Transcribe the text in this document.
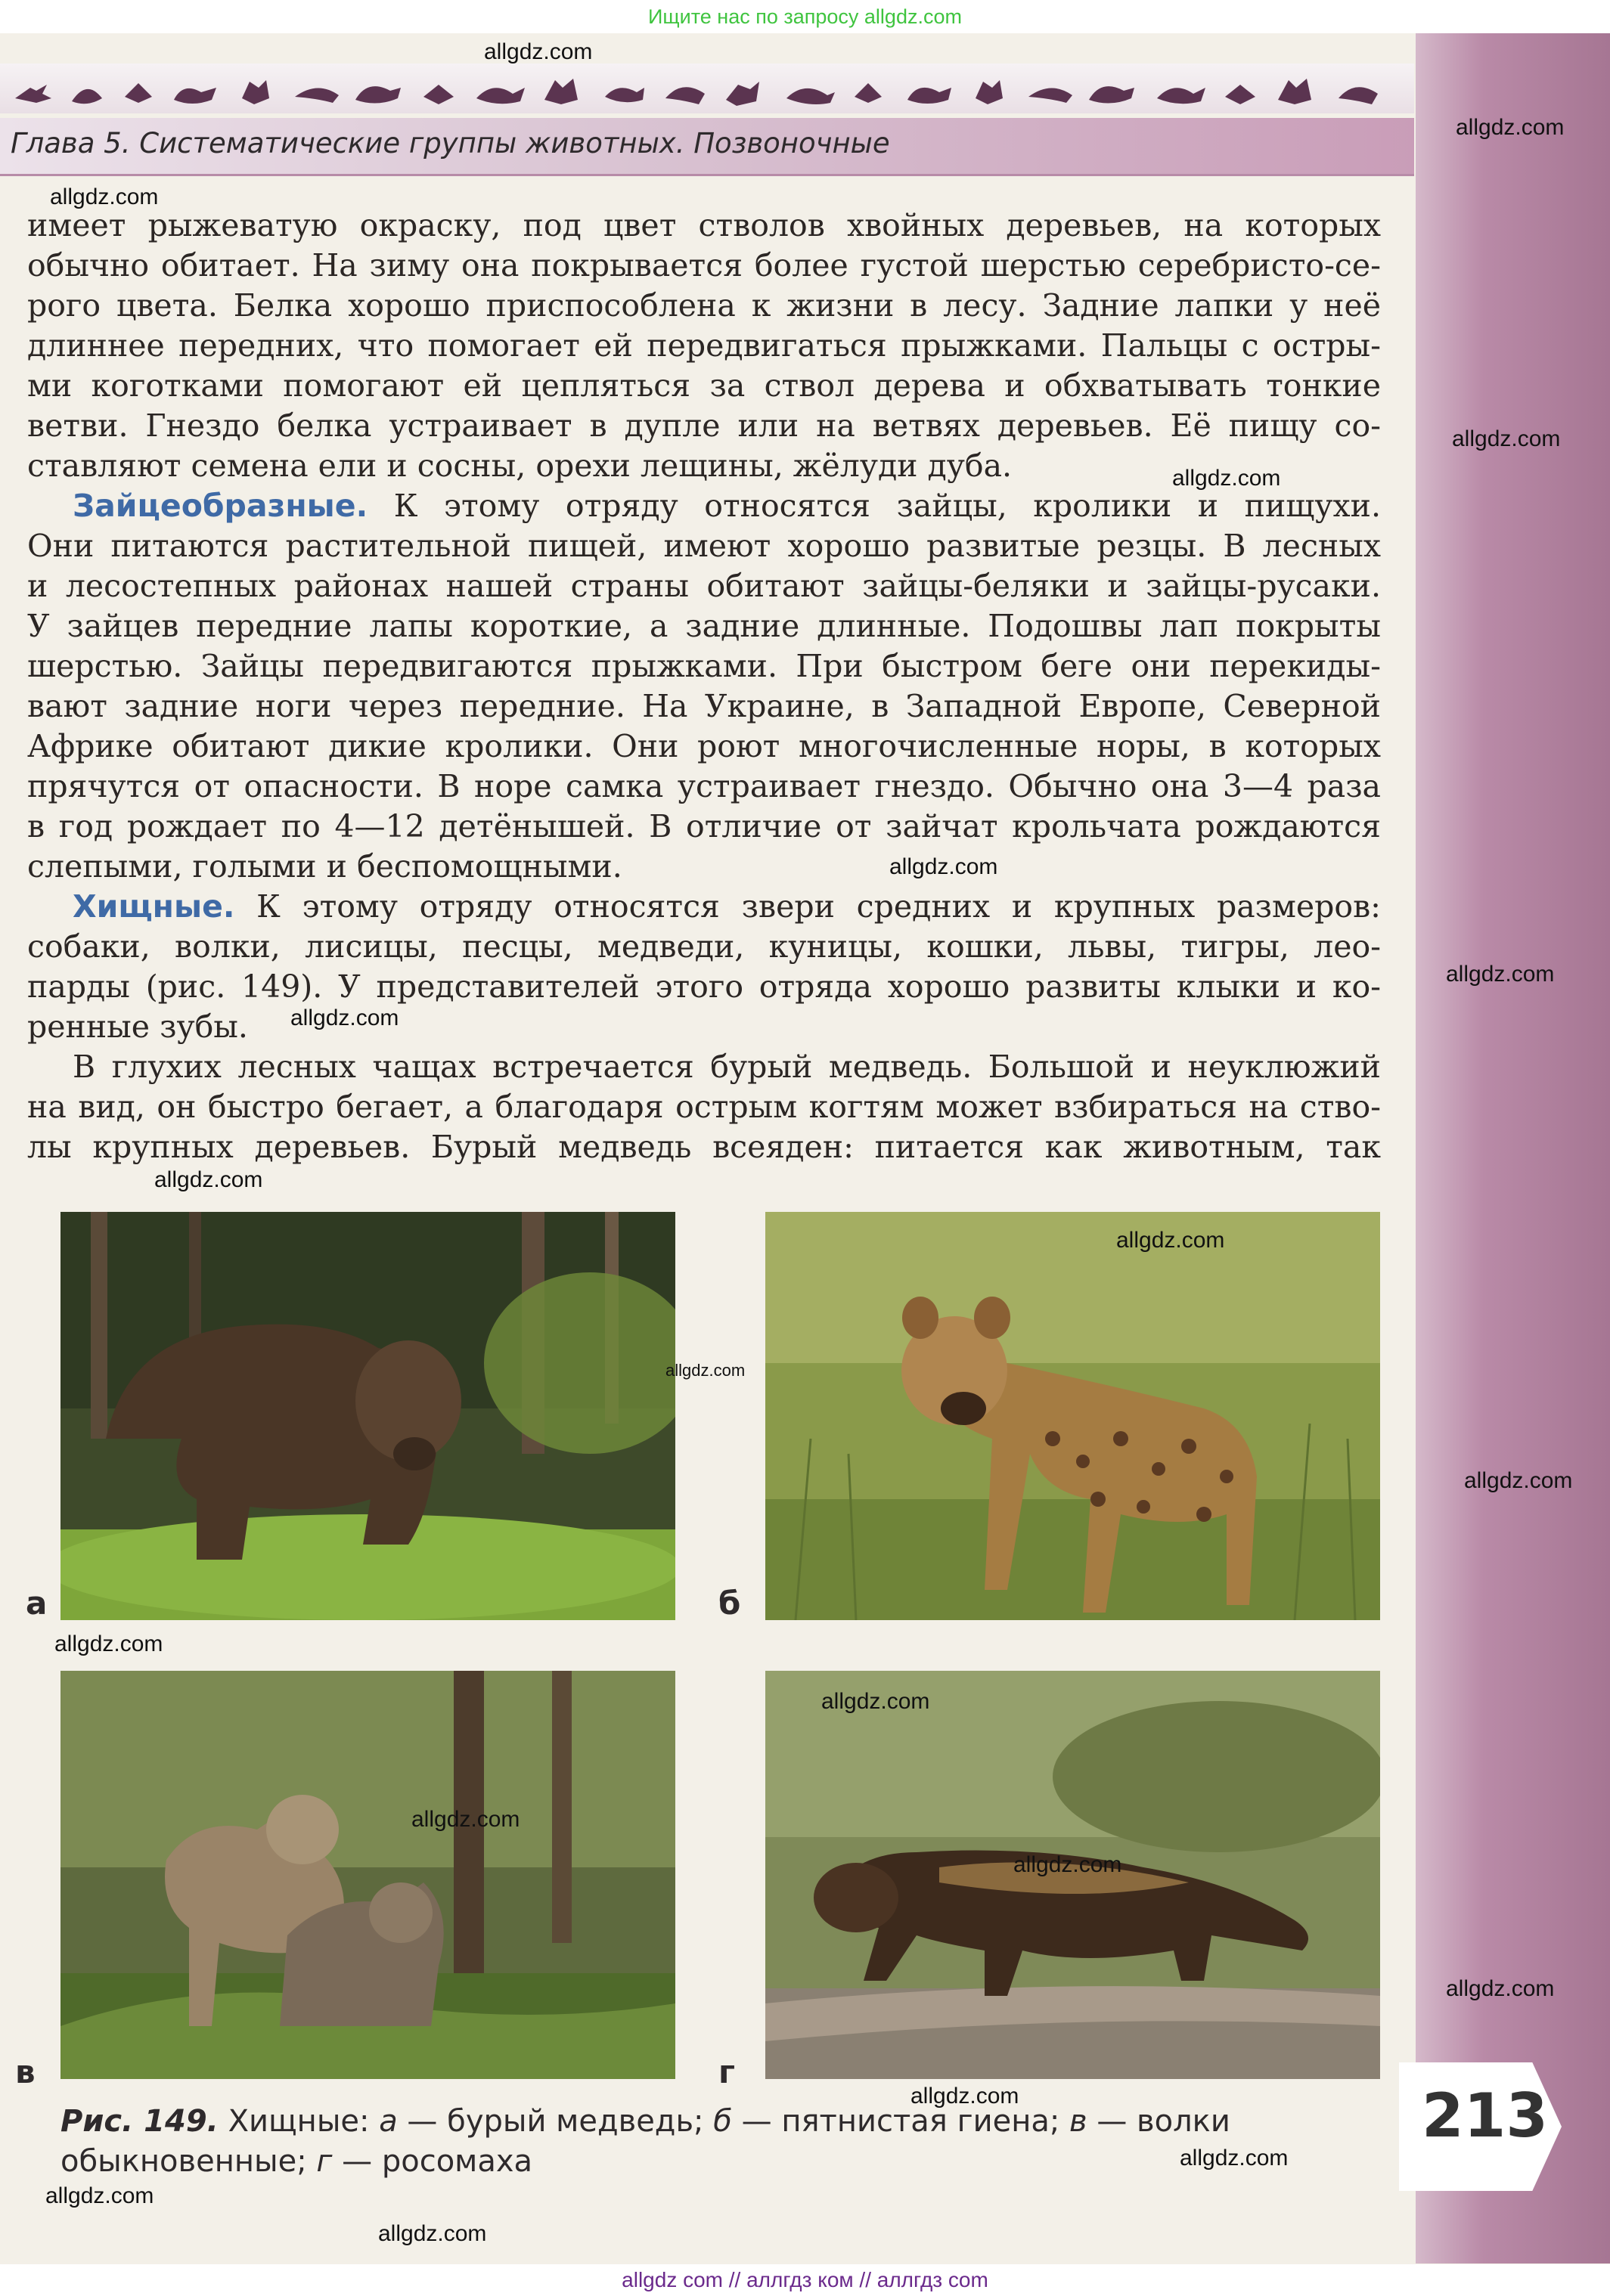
Ищите нас по запросу allgdz.com
Глава 5. Систематические группы животных. Позвоночные
имеет рыжеватую окраску, под цвет стволов хвойных деревьев, на которых
обычно обитает. На зиму она покрывается более густой шерстью серебристо-се-
рого цвета. Белка хорошо приспособлена к жизни в лесу. Задние лапки у неё
длиннее передних, что помогает ей передвигаться прыжками. Пальцы с остры-
ми коготками помогают ей цепляться за ствол дерева и обхватывать тонкие
ветви. Гнездо белка устраивает в дупле или на ветвях деревьев. Её пищу со-
ставляют семена ели и сосны, орехи лещины, жёлуди дуба.
Зайцеобразные. К этому отряду относятся зайцы, кролики и пищухи.
Они питаются растительной пищей, имеют хорошо развитые резцы. В лесных
и лесостепных районах нашей страны обитают зайцы-беляки и зайцы-русаки.
У зайцев передние лапы короткие, а задние длинные. Подошвы лап покрыты
шерстью. Зайцы передвигаются прыжками. При быстром беге они перекиды-
вают задние ноги через передние. На Украине, в Западной Европе, Северной
Африке обитают дикие кролики. Они роют многочисленные норы, в которых
прячутся от опасности. В норе самка устраивает гнездо. Обычно она 3—4 раза
в год рождает по 4—12 детёнышей. В отличие от зайчат крольчата рождаются
слепыми, голыми и беспомощными.
Хищные. К этому отряду относятся звери средних и крупных размеров:
собаки, волки, лисицы, песцы, медведи, куницы, кошки, львы, тигры, лео-
парды (рис. 149). У представителей этого отряда хорошо развиты клыки и ко-
ренные зубы.
В глухих лесных чащах встречается бурый медведь. Большой и неуклюжий
на вид, он быстро бегает, а благодаря острым когтям может взбираться на ство-
лы крупных деревьев. Бурый медведь всеяден: питается как животным, так
а	б
в	г
Рис. 149. Хищные: а — бурый медведь; б — пятнистая гиена; в — волки
обыкновенные; г — росомаха
213
allgdz.com
allgdz.com
allgdz.com
allgdz.com
allgdz.com
allgdz.com
allgdz.com
allgdz.com
allgdz.com
allgdz.com
allgdz.com
allgdz.com
allgdz.com
allgdz.com
allgdz.com
allgdz.com
allgdz.com
allgdz.com
allgdz.com
allgdz.com
allgdz.com
allgdz com // аллгдз ком // аллгдз com
